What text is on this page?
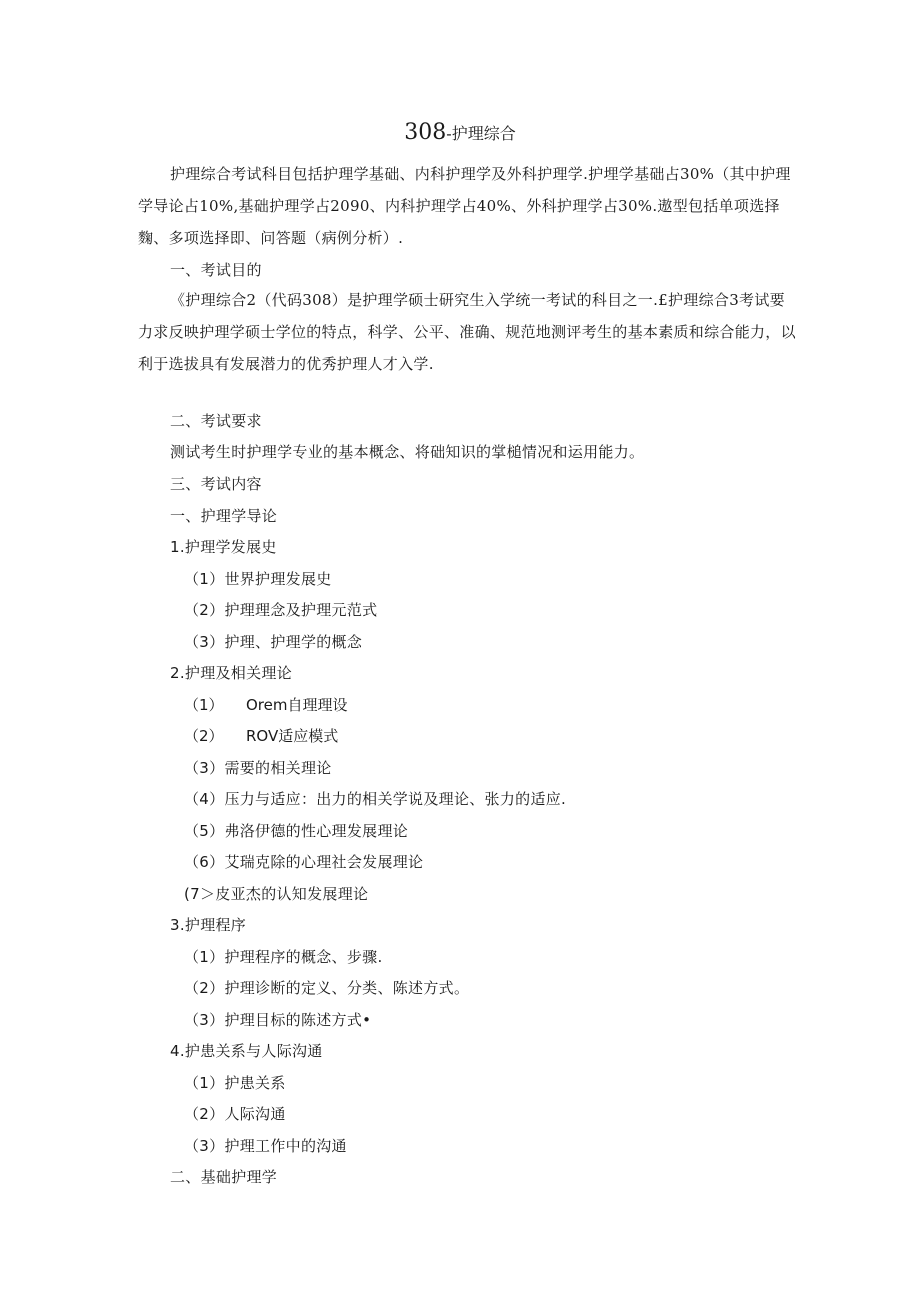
308-护理综合

护理综合考试科目包括护理学基础、内科护理学及外科护理学.护埋学基础占30%（其中护理学导论占10%,基础护理学占2090、内科护理学占40%、外科护理学占30%.遨型包括单项选择麴、多项选择即、问答题（病例分析）.

一、考试目的

《护理综合2（代码308）是护理学硕士研究生入学统一考试的科目之一.£护理综合3考试要力求反映护理学硕士学位的特点，科学、公平、准确、规范地测评考生的基本素质和综合能力，以利于选拔具有发展潜力的优秀护理人才入学.

二、考试要求
测试考生时护理学专业的基本概念、将础知识的掌槌情况和运用能力。
三、考试内容
一、护理学导论
1.护理学发展史
（1）世界护理发展史
（2）护理理念及护理元范式
（3）护理、护理学的概念
2.护理及相关理论
（1） Orem自理理设
（2） ROV适应模式
（3）需要的相关理论
（4）压力与适应：出力的相关学说及理论、张力的适应.
（5）弗洛伊德的性心理发展理论
（6）艾瑞克除的心理社会发展理论
(7＞皮亚杰的认知发展理论
3.护理程序
（1）护理程序的概念、步骤.
（2）护理诊断的定义、分类、陈述方式。
（3）护理目标的陈述方式•
4.护患关系与人际沟通
（1）护患关系
（2）人际沟通
（3）护理工作中的沟通
二、基础护理学
